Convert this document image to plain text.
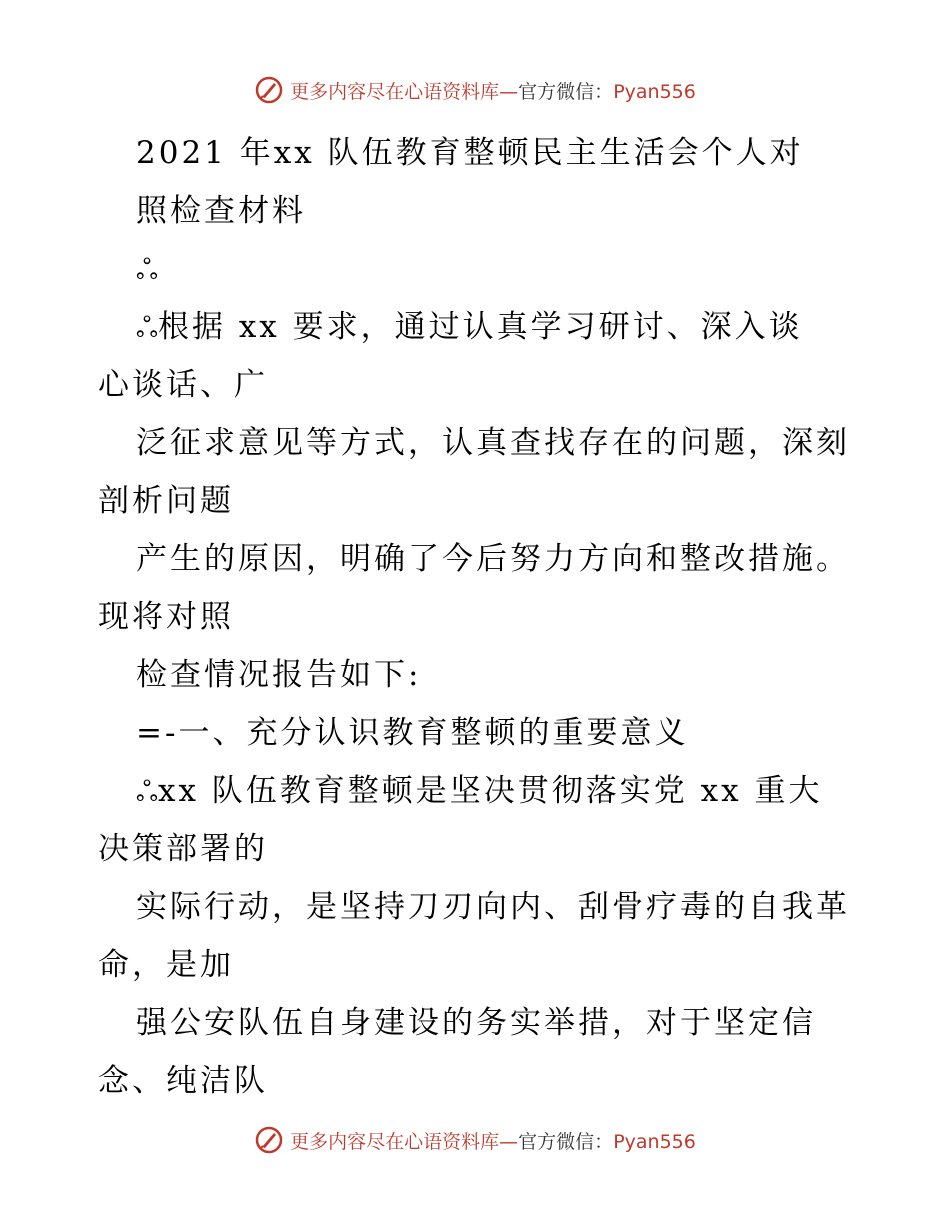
更多内容尽在心语资料库—官方微信：Pyan556
2021 年xx 队伍教育整顿民主生活会个人对
照检查材料
ஃ
ஃ根据 xx 要求，通过认真学习研讨、深入谈
心谈话、广
泛征求意见等方式，认真查找存在的问题，深刻
剖析问题
产生的原因，明确了今后努力方向和整改措施。
现将对照
检查情况报告如下:
=-一、充分认识教育整顿的重要意义
ஃxx 队伍教育整顿是坚决贯彻落实党 xx 重大
决策部署的
实际行动，是坚持刀刃向内、刮骨疗毒的自我革
命，是加
强公安队伍自身建设的务实举措，对于坚定信
念、纯洁队
更多内容尽在心语资料库—官方微信：Pyan556
